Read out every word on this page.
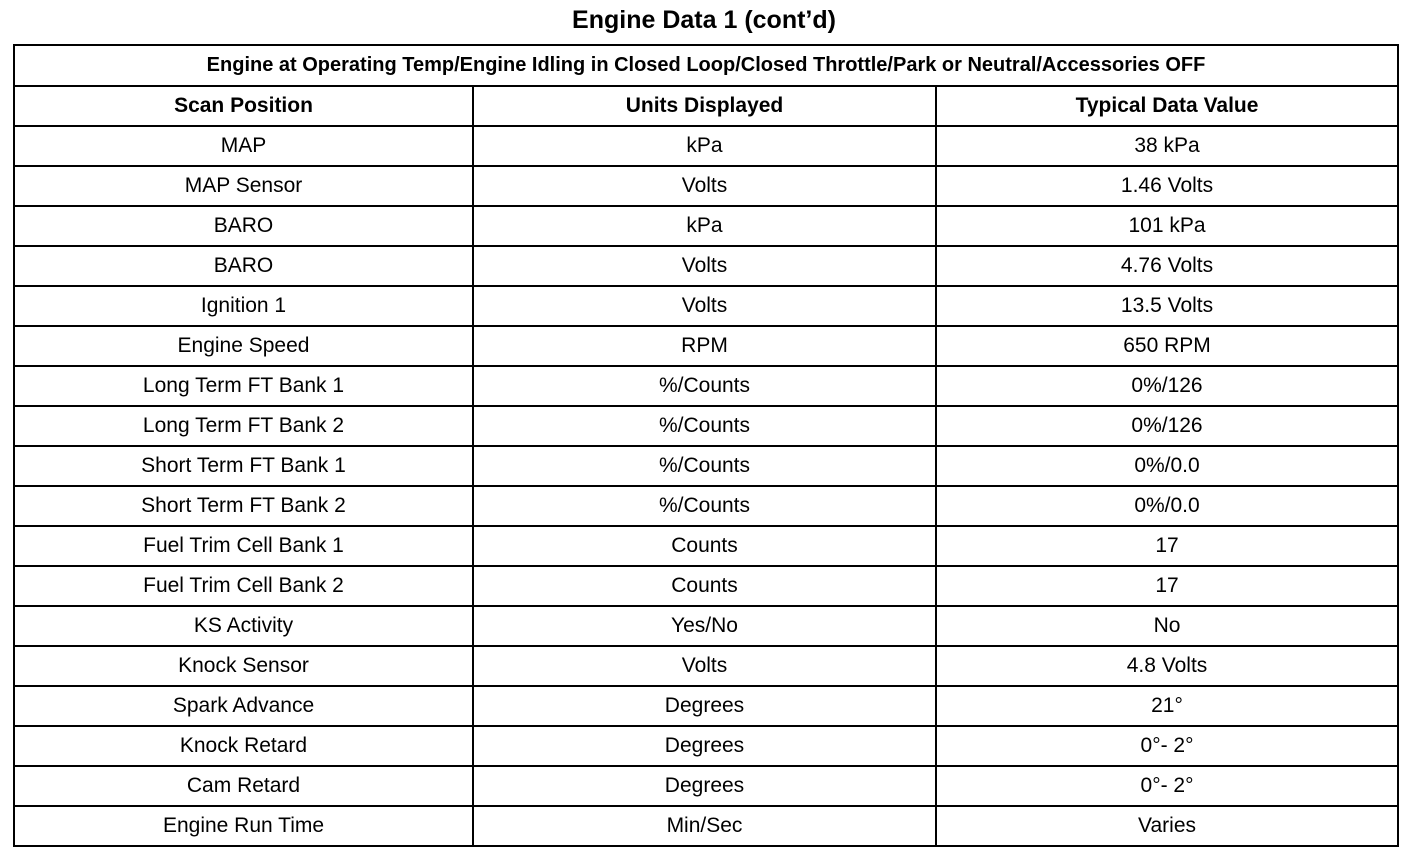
Engine Data 1 (cont’d)
Engine at Operating Temp/Engine Idling in Closed Loop/Closed Throttle/Park or Neutral/Accessories OFF		
Scan Position	Units Displayed	Typical Data Value
MAP	kPa	38 kPa
MAP Sensor	Volts	1.46 Volts
BARO	kPa	101 kPa
BARO	Volts	4.76 Volts
Ignition 1	Volts	13.5 Volts
Engine Speed	RPM	650 RPM
Long Term FT Bank 1	%/Counts	0%/126
Long Term FT Bank 2	%/Counts	0%/126
Short Term FT Bank 1	%/Counts	0%/0.0
Short Term FT Bank 2	%/Counts	0%/0.0
Fuel Trim Cell Bank 1	Counts	17
Fuel Trim Cell Bank 2	Counts	17
KS Activity	Yes/No	No
Knock Sensor	Volts	4.8 Volts
Spark Advance	Degrees	21°
Knock Retard	Degrees	0°- 2°
Cam Retard	Degrees	0°- 2°
Engine Run Time	Min/Sec	Varies
